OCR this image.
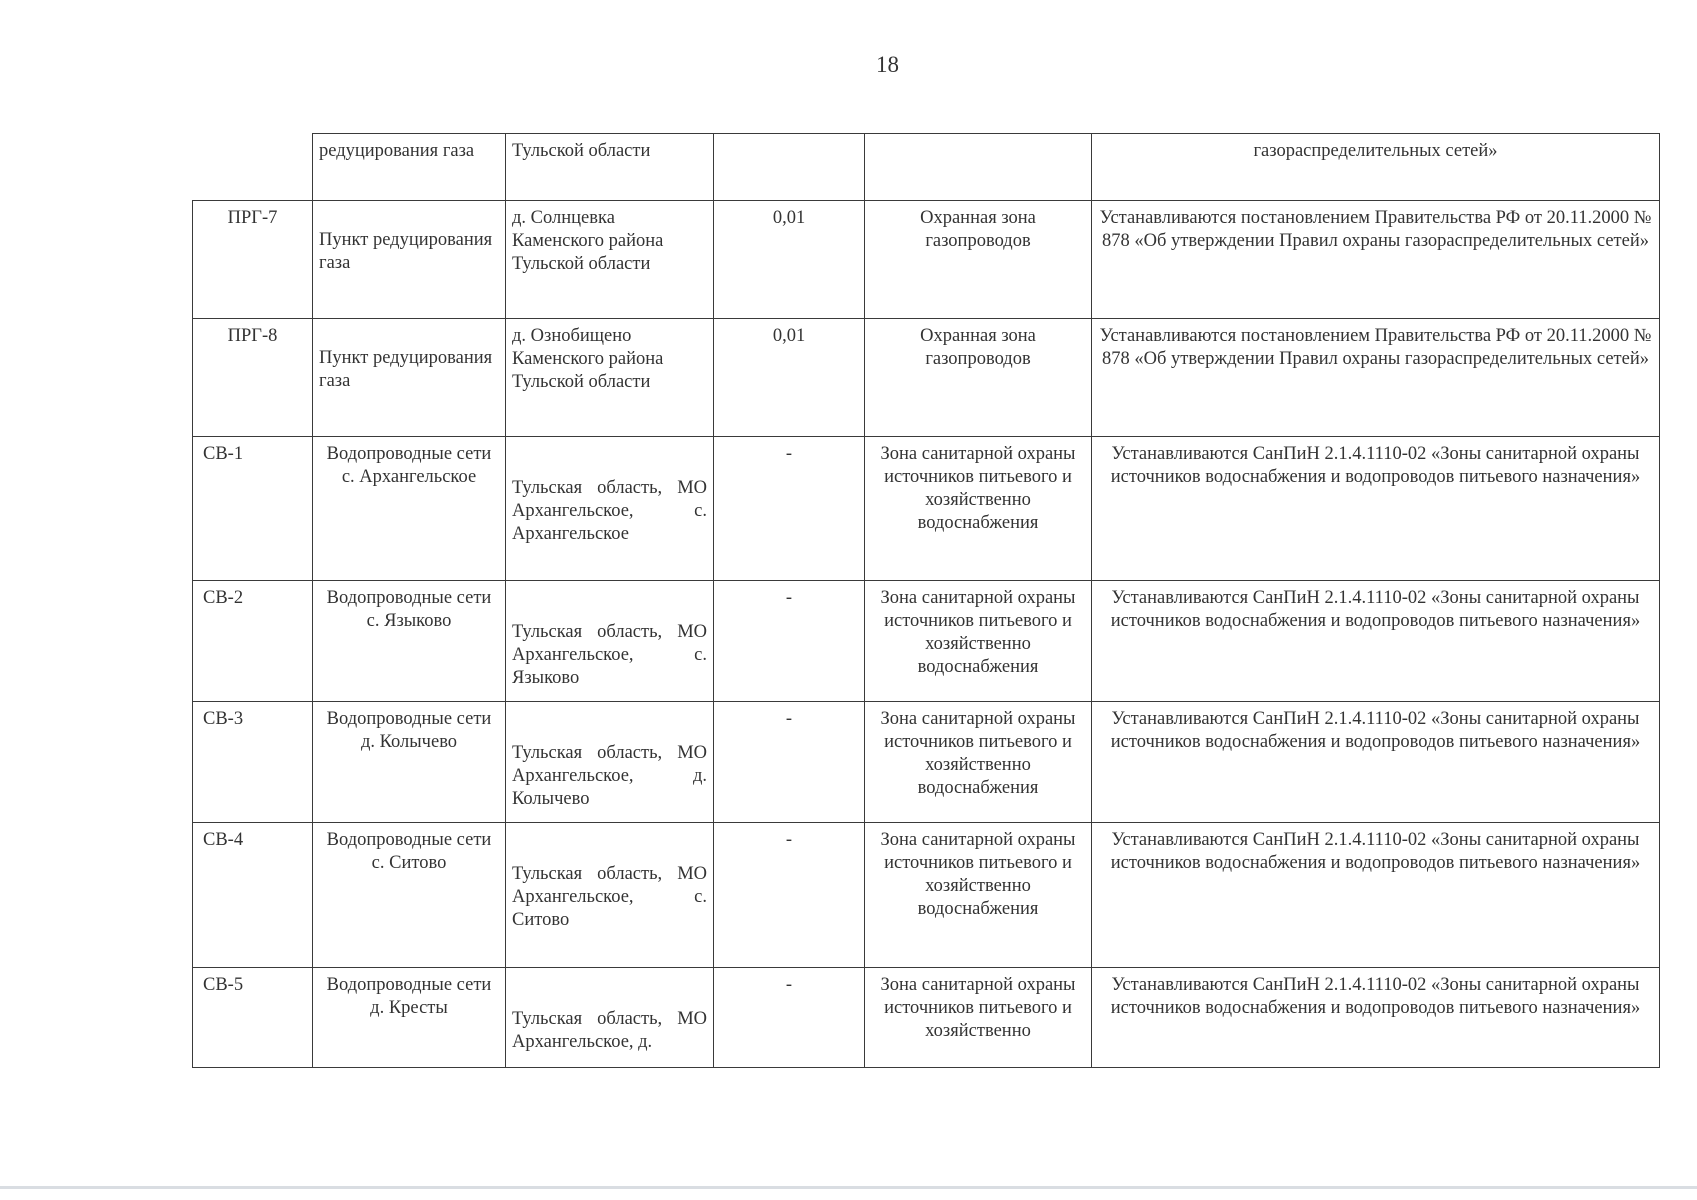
18
	редуцирования газа	Тульской области			газораспределительных сетей»
ПРГ-7	Пункт редуцирования газа	д. Солнцевка Каменского района Тульской области	0,01	Охранная зона газопроводов	Устанавливаются постановлением Правительства РФ от 20.11.2000 № 878 «Об утверждении Правил охраны газораспределительных сетей»
ПРГ-8	Пункт редуцирования газа	д. Ознобищено Каменского района Тульской области	0,01	Охранная зона газопроводов	Устанавливаются постановлением Правительства РФ от 20.11.2000 № 878 «Об утверждении Правил охраны газораспределительных сетей»
СВ-1	Водопроводные сети с. Архангельское	Тульская область, МО Архангельское, с. Архангельское	-	Зона санитарной охраны источников питьевого и хозяйственно водоснабжения	Устанавливаются СанПиН 2.1.4.1110-02 «Зоны санитарной охраны источников водоснабжения и водопроводов питьевого назначения»
СВ-2	Водопроводные сети с. Языково	Тульская область, МО Архангельское, с. Языково	-	Зона санитарной охраны источников питьевого и хозяйственно водоснабжения	Устанавливаются СанПиН 2.1.4.1110-02 «Зоны санитарной охраны источников водоснабжения и водопроводов питьевого назначения»
СВ-3	Водопроводные сети д. Колычево	Тульская область, МО Архангельское, д. Колычево	-	Зона санитарной охраны источников питьевого и хозяйственно водоснабжения	Устанавливаются СанПиН 2.1.4.1110-02 «Зоны санитарной охраны источников водоснабжения и водопроводов питьевого назначения»
СВ-4	Водопроводные сети с. Ситово	Тульская область, МО Архангельское, с. Ситово	-	Зона санитарной охраны источников питьевого и хозяйственно водоснабжения	Устанавливаются СанПиН 2.1.4.1110-02 «Зоны санитарной охраны источников водоснабжения и водопроводов питьевого назначения»
СВ-5	Водопроводные сети д. Кресты	Тульская область, МО Архангельское, д.	-	Зона санитарной охраны источников питьевого и хозяйственно	Устанавливаются СанПиН 2.1.4.1110-02 «Зоны санитарной охраны источников водоснабжения и водопроводов питьевого назначения»
